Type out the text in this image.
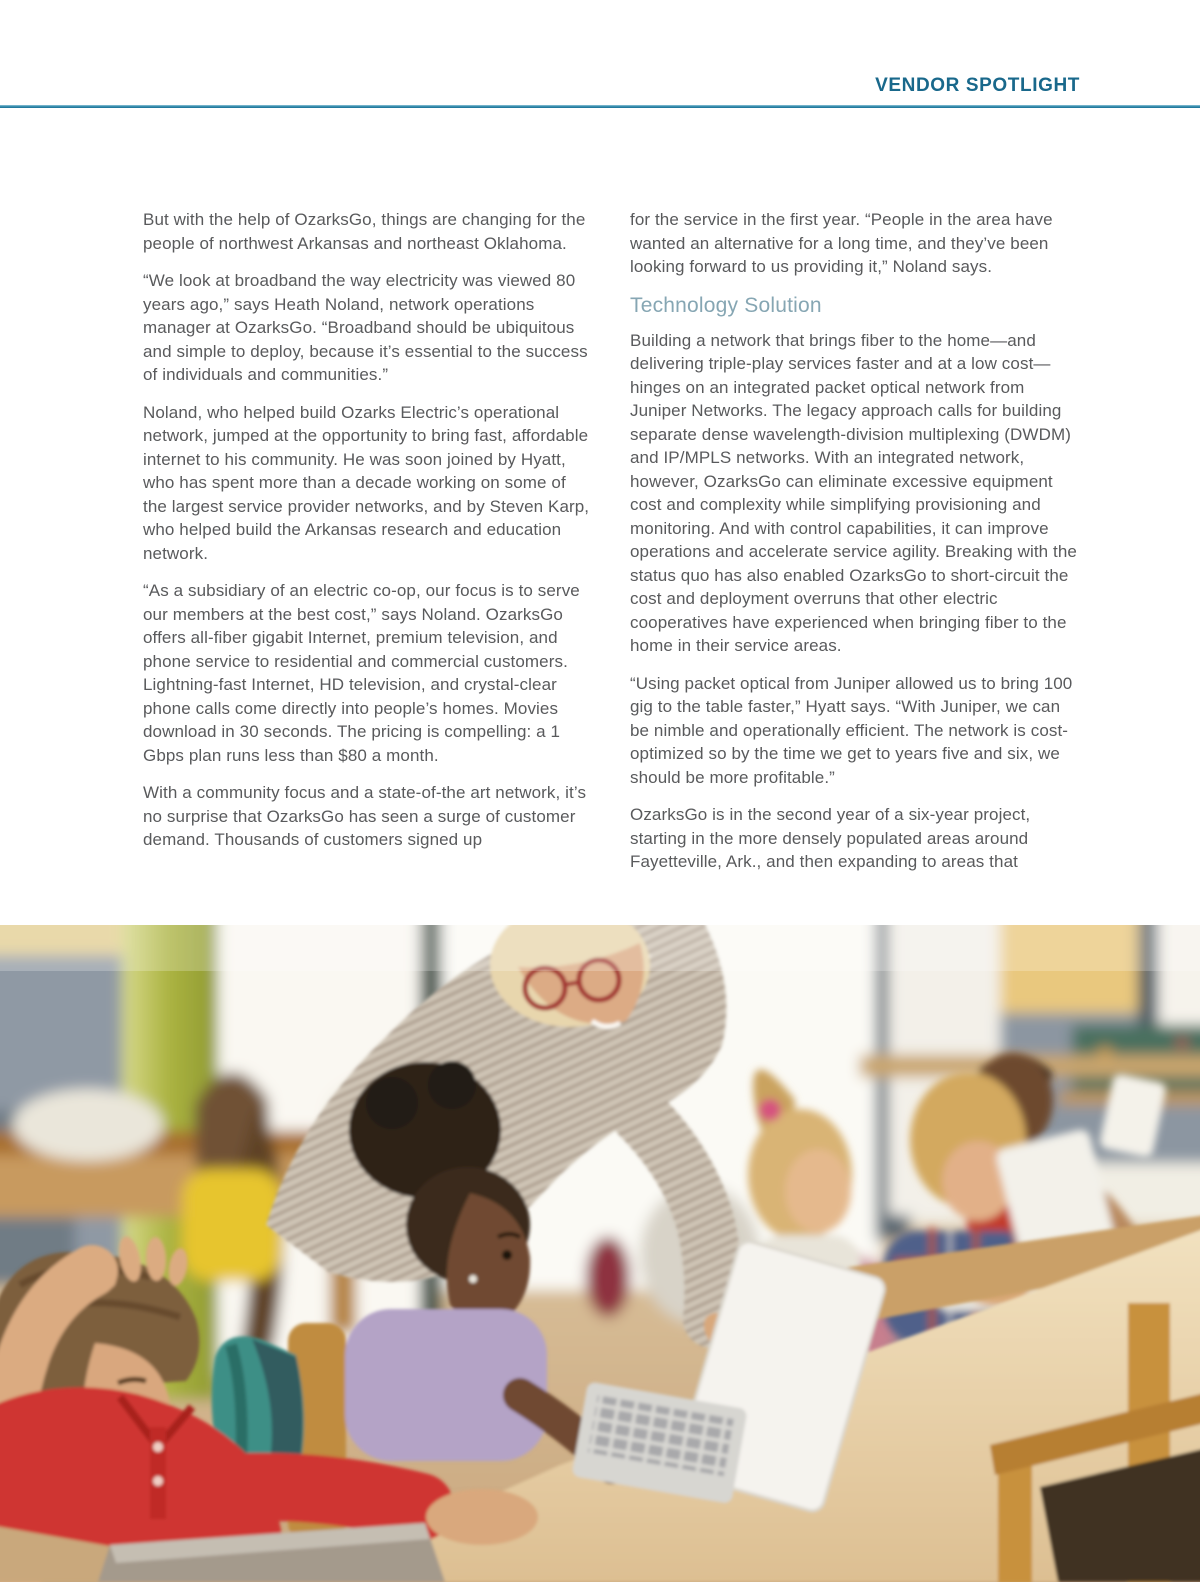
VENDOR SPOTLIGHT

But with the help of OzarksGo, things are changing for the people of northwest Arkansas and northeast Oklahoma.

“We look at broadband the way electricity was viewed 80 years ago,” says Heath Noland, network operations manager at OzarksGo. “Broadband should be ubiquitous and simple to deploy, because it’s essential to the success of individuals and communities.”

Noland, who helped build Ozarks Electric’s operational network, jumped at the opportunity to bring fast, affordable internet to his community. He was soon joined by Hyatt, who has spent more than a decade working on some of the largest service provider networks, and by Steven Karp, who helped build the Arkansas research and education network.

“As a subsidiary of an electric co-op, our focus is to serve our members at the best cost,” says Noland. OzarksGo offers all-fiber gigabit Internet, premium television, and phone service to residential and commercial customers. Lightning-fast Internet, HD television, and crystal-clear phone calls come directly into people’s homes. Movies download in 30 seconds. The pricing is compelling: a 1 Gbps plan runs less than $80 a month.

With a community focus and a state-of-the art network, it’s no surprise that OzarksGo has seen a surge of customer demand. Thousands of customers signed up

for the service in the first year. “People in the area have wanted an alternative for a long time, and they’ve been looking forward to us providing it,” Noland says.

Technology Solution

Building a network that brings fiber to the home—and delivering triple-play services faster and at a low cost—hinges on an integrated packet optical network from Juniper Networks. The legacy approach calls for building separate dense wavelength-division multiplexing (DWDM) and IP/MPLS networks. With an integrated network, however, OzarksGo can eliminate excessive equipment cost and complexity while simplifying provisioning and monitoring. And with control capabilities, it can improve operations and accelerate service agility. Breaking with the status quo has also enabled OzarksGo to short-circuit the cost and deployment overruns that other electric cooperatives have experienced when bringing fiber to the home in their service areas.

“Using packet optical from Juniper allowed us to bring 100 gig to the table faster,” Hyatt says. “With Juniper, we can be nimble and operationally efficient. The network is cost-optimized so by the time we get to years five and six, we should be more profitable.”

OzarksGo is in the second year of a six-year project, starting in the more densely populated areas around Fayetteville, Ark., and then expanding to areas that
